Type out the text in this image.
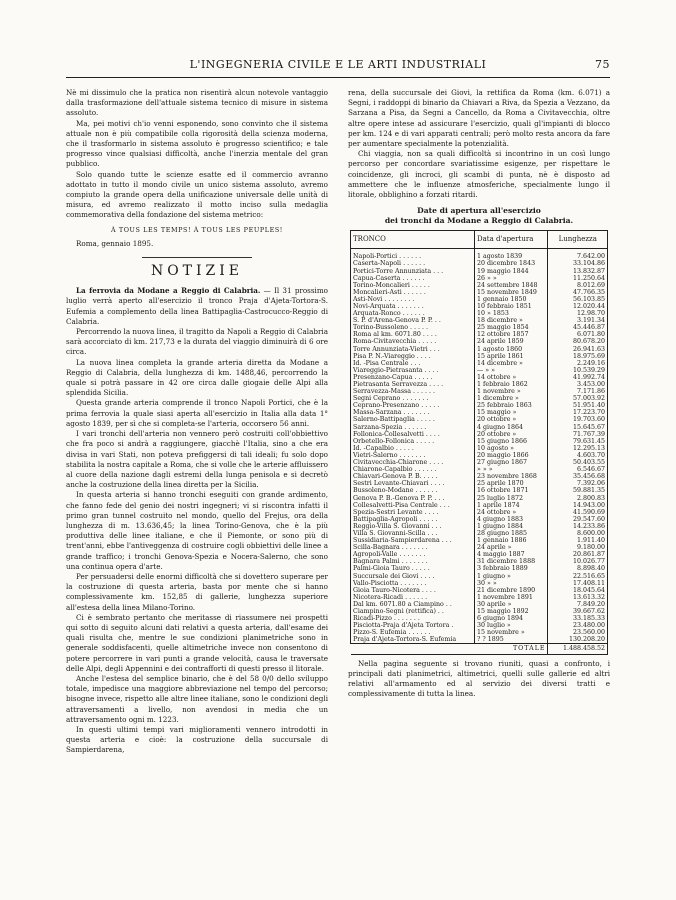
L'INGEGNERIA CIVILE E LE ARTI INDUSTRIALI	75

Nè mi dissimulo che la pratica non risentirà alcun notevole vantaggio dalla trasformazione dell'attuale sistema tecnico di misure in sistema assoluto.

Ma, pei motivi ch'io venni esponendo, sono convinto che il sistema attuale non è più compatibile colla rigorosità della scienza moderna, che il trasformarlo in sistema assoluto è progresso scientifico; e tale progresso vince qualsiasi difficoltà, anche l'inerzia mentale del gran pubblico.

Solo quando tutte le scienze esatte ed il commercio avranno adottato in tutto il mondo civile un unico sistema assoluto, avremo compiuto la grande opera della unificazione universale delle unità di misura, ed avremo realizzato il motto inciso sulla medaglia commemorativa della fondazione del sistema metrico:

À TOUS LES TEMPS! À TOUS LES PEUPLES!

Roma, gennaio 1895.

NOTIZIE

La ferrovia da Modane a Reggio di Calabria. — Il 31 prossimo luglio verrà aperto all'esercizio il tronco Praja d'Ajeta-Tortora-S. Eufemia a complemento della linea Battipaglia-Castrocucco-Reggio di Calabria.

Percorrendo la nuova linea, il tragitto da Napoli a Reggio di Calabria sarà accorciato di km. 217,73 e la durata del viaggio diminuirà di 6 ore circa.

La nuova linea completa la grande arteria diretta da Modane a Reggio di Calabria, della lunghezza di km. 1488,46, percorrendo la quale si potrà passare in 42 ore circa dalle giogaie delle Alpi alla splendida Sicilia.

Questa grande arteria comprende il tronco Napoli Portici, che è la prima ferrovia la quale siasi aperta all'esercizio in Italia alla data 1° agosto 1839, per sì che si completa-se l'arteria, occorsero 56 anni.

I vari tronchi dell'arteria non vennero però costruiti coll'obbiettivo che fra poco si andrà a raggiungere, giacchè l'Italia, sino a che era divisa in vari Stati, non poteva prefiggersi di tali ideali; fu solo dopo stabilita la nostra capitale a Roma, che si volle che le arterie affluissero al cuore della nazione dagli estremi della lunga penisola e si decretò anche la costruzione della linea diretta per la Sicilia.

In questa arteria si hanno tronchi eseguiti con grande ardimento, che fanno fede del genio dei nostri ingegneri; vi si riscontra infatti il primo gran tunnel costruito nel mondo, quello del Frejus, ora della lunghezza di m. 13.636,45; la linea Torino-Genova, che è la più produttiva delle linee italiane, e che il Piemonte, or sono più di trent'anni, ebbe l'antiveggenza di costruire cogli obbiettivi delle linee a grande traffico; i tronchi Genova-Spezia e Nocera-Salerno, che sono una continua opera d'arte.

Per persuadersi delle enormi difficoltà che si dovettero superare per la costruzione di questa arteria, basta por mente che si hanno complessivamente km. 152,85 di gallerie, lunghezza superiore all'estesa della linea Milano-Torino.

Ci è sembrato pertanto che meritasse di riassumere nei prospetti qui sotto di seguito alcuni dati relativi a questa arteria, dall'esame dei quali risulta che, mentre le sue condizioni planimetriche sono in generale soddisfacenti, quelle altimetriche invece non consentono di potere percorrere in vari punti a grande velocità, causa le traversate delle Alpi, degli Appennini e dei contrafforti di questi presso il litorale.

Anche l'estesa del semplice binario, che è del 58 0/0 dello sviluppo totale, impedisce una maggiore abbreviazione nel tempo del percorso; bisogne invece, rispetto alle altre linee italiane, sono le condizioni degli attraversamenti a livello, non avendosi in media che un attraversamento ogni m. 1223.

In questi ultimi tempi vari miglioramenti vennero introdotti in questa arteria e cioè: la costruzione della succursale di Sampierdarena,

rena, della succursale dei Giovi, la rettifica da Roma (km. 6.071) a Segni, i raddoppi di binario da Chiavari a Riva, da Spezia a Vezzano, da Sarzana a Pisa, da Segni a Cancello, da Roma a Civitavecchia, oltre altre opere intese ad assicurare l'esercizio, quali gl'impianti di blocco per km. 124 e di vari apparati centrali; però molto resta ancora da fare per aumentare specialmente la potenzialità.

Chi viaggia, non sa quali difficoltà si incontrino in un così lungo percorso per concordare svariatissime esigenze, per rispettare le coincidenze, gli incroci, gli scambi di punta, nè è disposto ad ammettere che le influenze atmosferiche, specialmente lungo il litorale, obblighino a forzati ritardi.

Date di apertura all'esercizio
dei tronchi da Modane a Reggio di Calabria.
TRONCO	Data d'apertura	Lunghezza
Napoli-Portici . . . . . .	1 agosto 1839	7.642.00
Caserta-Napoli . . . . . .	20 dicembre 1843	33.104.86
Portici-Torre Annunziata . . .	19 maggio 1844	13.832.87
Capua-Caserta . . . . . .	26 » »	11.250.64
Torino-Moncalieri . . . . .	24 settembre 1848	8.012.69
Moncalieri-Asti . . . . . .	15 novembre 1849	47.766.35
Asti-Novi . . . . . . . .	1 gennaio 1850	56.103.85
Novi-Arquata . . . . . . .	10 febbraio 1851	12.020.44
Arquata-Ronco . . . . . .	10 » 1853	12.98.70
S. P. d'Arena-Genova P. P. . .	18 dicembre »	3.191.34
Torino-Bussoleno . . . . .	25 maggio 1854	45.446.87
Roma al km. 6071.80 . . . .	12 ottobre 1857	6.071.80
Roma-Civitavecchia . . . . .	24 aprile 1859	80.678.20
Torre Annunziata-Vietri . . .	1 agosto 1860	26.941.63
Pisa P. N.-Viareggio . . . .	15 aprile 1861	18.975.69
Id. -Pisa Centrale . . .	14 dicembre »	2.249.16
Viareggio-Pietrasanta . . . .	— » »	10.539.29
Presenzano-Capua . . . . .	14 ottobre »	41.992.74
Pietrasanta Serravezza . . . .	1 febbraio 1862	3.453.00
Serravezza-Massa . . . . . .	1 novembre »	7.171.86
Segni Ceprano . . . . . . .	1 dicembre »	57.003.92
Ceprano-Presenzano . . . . .	25 febbraio 1863	51.951.40
Massa-Sarzana . . . . . . .	15 maggio »	17.223.70
Salerno-Battipaglia . . . . .	20 ottobre »	19.703.60
Sarzana-Spezia . . . . . .	4 giugno 1864	15.645.67
Follonica-Collesalvetti . . . .	20 ottobre »	71.767.39
Orbetello-Follonica . . . . .	15 giugno 1866	79.631.45
Id. -Capalbio . . . . .	10 agosto »	12.295.13
Vietri-Salerno . . . . . . .	20 maggio 1866	4.603.70
Civitavecchia-Chiarone . . . .	27 giugno 1867	50.403.55
Chiarone-Capalbio . . . . . .	» » »	6.546.67
Chiavari-Genova P. B. . . . .	23 novembre 1868	35.456.68
Sestri Levante-Chiavari . . . .	25 aprile 1870	7.392.06
Bussoleno-Modane . . . . . .	16 ottobre 1871	59.881.35
Genova P. B.-Genova P. P. . . .	25 luglio 1872	2.800.83
Collesalvetti-Pisa Centrale . . .	1 aprile 1874	14.943.00
Spezia-Sestri Levante . . . .	24 ottobre »	41.590.69
Battipaglia-Agropoli . . . . .	4 giugno 1883	29.547.60
Reggio-Villa S. Giovanni . . .	1 giugno 1884	14.233.86
Villa S. Giovanni-Scilla . . .	28 giugno 1885	8.600.00
Sussidiaria-Sampierdarena . . .	1 gennaio 1886	1.911.40
Scilla-Bagnara . . . . . . .	24 aprile »	9.180.00
Agropoli-Valle . . . . . . .	4 maggio 1887	20.861.87
Bagnara Palmi . . . . . . .	31 dicembre 1888	10.026.77
Palmi-Gioia Tauro . . . . .	3 febbraio 1889	8.898.40
Succursale dei Giovi . . . .	1 giugno »	22.516.65
Vallo-Pisciotta . . . . . . .	30 » »	17.408.11
Gioia Tauro-Nicotera . . . .	21 dicembre 1890	18.045.64
Nicotera-Ricadi . . . . . .	1 novembre 1891	13.613.32
Dal km. 6071.80 a Ciampino . .	30 aprile »	7.849.20
Ciampino-Segni (rettifica) . .	15 maggio 1892	39.667.62
Ricadi-Pizzo . . . . . . .	6 giugno 1894	33.185.33
Pisciotta-Praja d'Ajeta Tortora .	30 luglio »	23.480.00
Pizzo-S. Eufemia . . . . . .	15 novembre »	23.560.00
Praja d'Ajeta-Tortora-S. Eufemia	? ? 1895	130.208.20
	TOTALE	1.488.458.52

Nella pagina seguente si trovano riuniti, quasi a confronto, i principali dati planimetrici, altimetrici, quelli sulle gallerie ed altri relativi all'armamento ed al servizio dei diversi tratti e complessivamente di tutta la linea.
